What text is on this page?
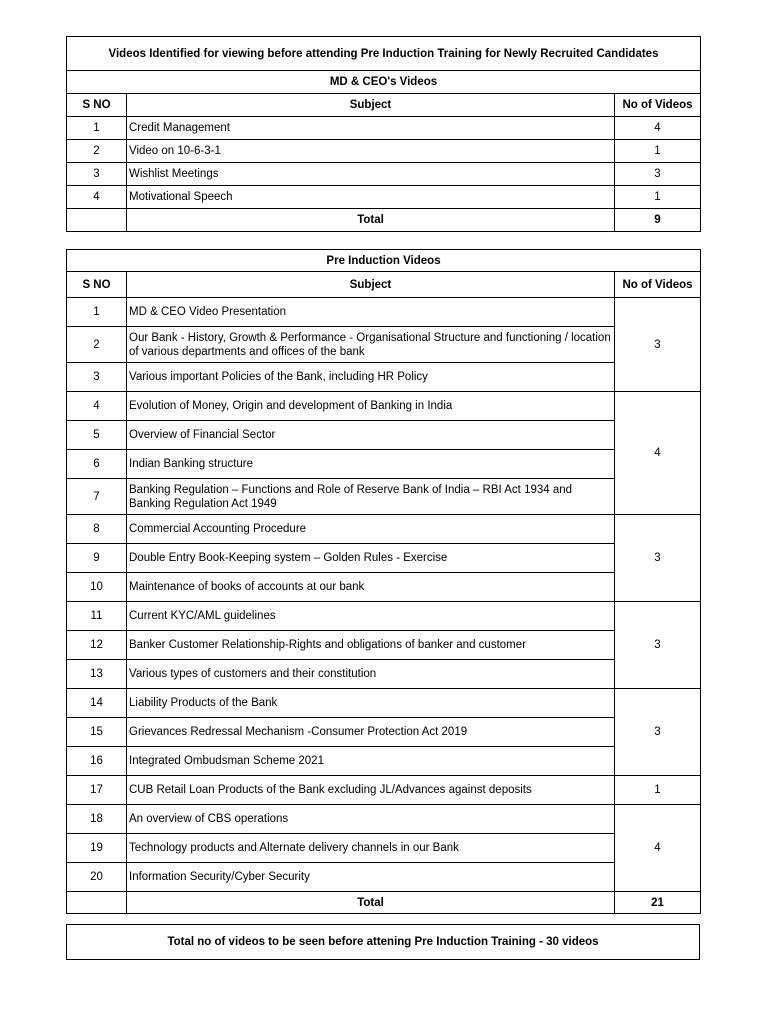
Videos Identified for viewing before attending Pre Induction Training for Newly Recruited Candidates		
MD & CEO's Videos		
S NO	Subject	No of Videos
1	Credit Management	4
2	Video on 10-6-3-1	1
3	Wishlist Meetings	3
4	Motivational Speech	1
	Total	9
Pre Induction Videos		
S NO	Subject	No of Videos
1	MD & CEO Video Presentation	3
2	Our Bank - History, Growth & Performance - Organisational Structure and functioning / location of various departments and offices of the bank	
3	Various important Policies of the Bank, including HR Policy	
4	Evolution of Money, Origin and development of Banking in India	4
5	Overview of Financial Sector	
6	Indian Banking structure	
7	Banking Regulation – Functions and Role of Reserve Bank of India – RBI Act 1934 and Banking Regulation Act 1949	
8	Commercial Accounting Procedure	3
9	Double Entry Book-Keeping system – Golden Rules - Exercise	
10	Maintenance of books of accounts at our bank	
11	Current KYC/AML guidelines	3
12	Banker Customer Relationship-Rights and obligations of banker and customer	
13	Various types of customers and their constitution	
14	Liability Products of the Bank	3
15	Grievances Redressal Mechanism -Consumer Protection Act 2019	
16	Integrated Ombudsman Scheme 2021	
17	CUB Retail Loan Products of the Bank excluding JL/Advances against deposits	1
18	An overview of CBS operations	4
19	Technology products and Alternate delivery channels in our Bank	
20	Information Security/Cyber Security	
	Total	21
Total no of videos to be seen before attening Pre Induction Training - 30 videos
